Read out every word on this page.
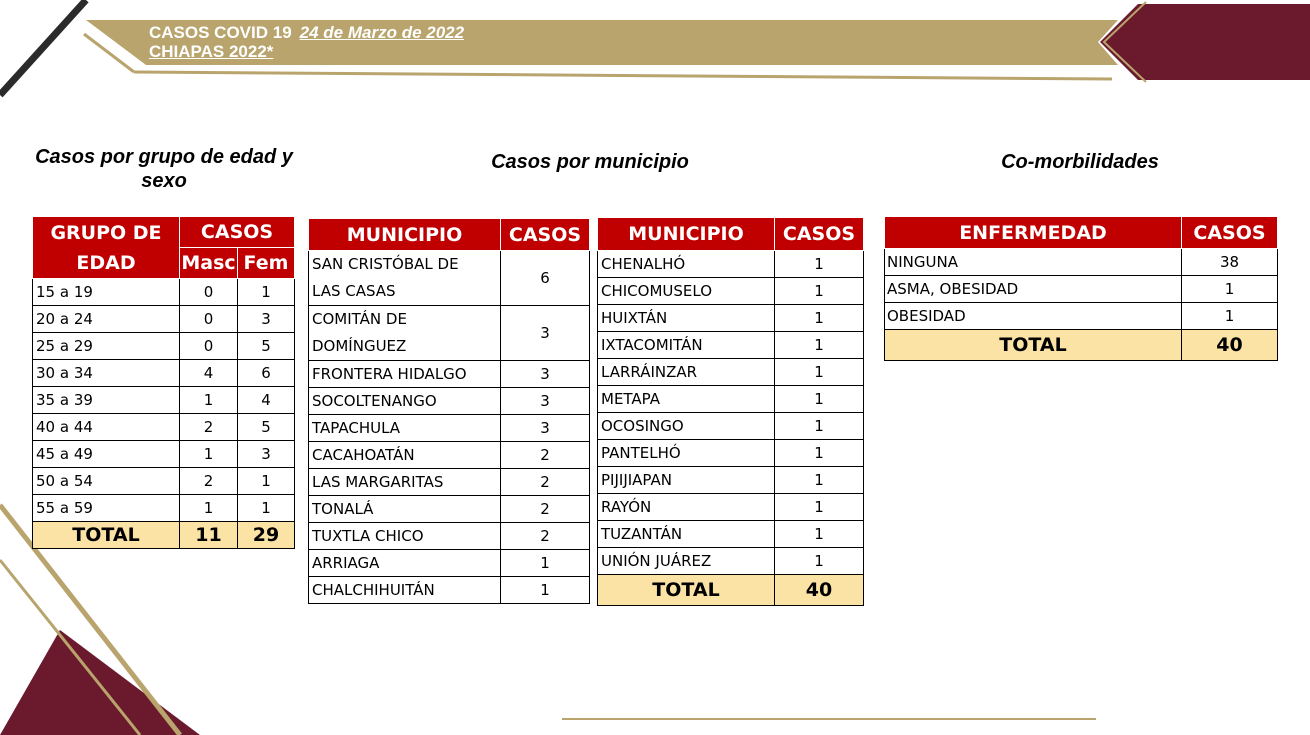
CASOS COVID 19 24 de Marzo de 2022
CHIAPAS 2022*
Casos por grupo de edad y sexo
Casos por municipio	Co-morbilidades
GRUPO DE EDAD	CASOS	
	Masc	Fem
15 a 19	0	1
20 a 24	0	3
25 a 29	0	5
30 a 34	4	6
35 a 39	1	4
40 a 44	2	5
45 a 49	1	3
50 a 54	2	1
55 a 59	1	1
TOTAL	11	29
MUNICIPIO	CASOS
SAN CRISTÓBAL DE
LAS CASAS	6
COMITÁN DE
DOMÍNGUEZ	3
FRONTERA HIDALGO	3
SOCOLTENANGO	3
TAPACHULA	3
CACAHOATÁN	2
LAS MARGARITAS	2
TONALÁ	2
TUXTLA CHICO	2
ARRIAGA	1
CHALCHIHUITÁN	1
MUNICIPIO	CASOS
CHENALHÓ	1
CHICOMUSELO	1
HUIXTÁN	1
IXTACOMITÁN	1
LARRÁINZAR	1
METAPA	1
OCOSINGO	1
PANTELHÓ	1
PIJIJIAPAN	1
RAYÓN	1
TUZANTÁN	1
UNIÓN JUÁREZ	1
TOTAL	40
ENFERMEDAD	CASOS
NINGUNA	38
ASMA, OBESIDAD	1
OBESIDAD	1
TOTAL	40
